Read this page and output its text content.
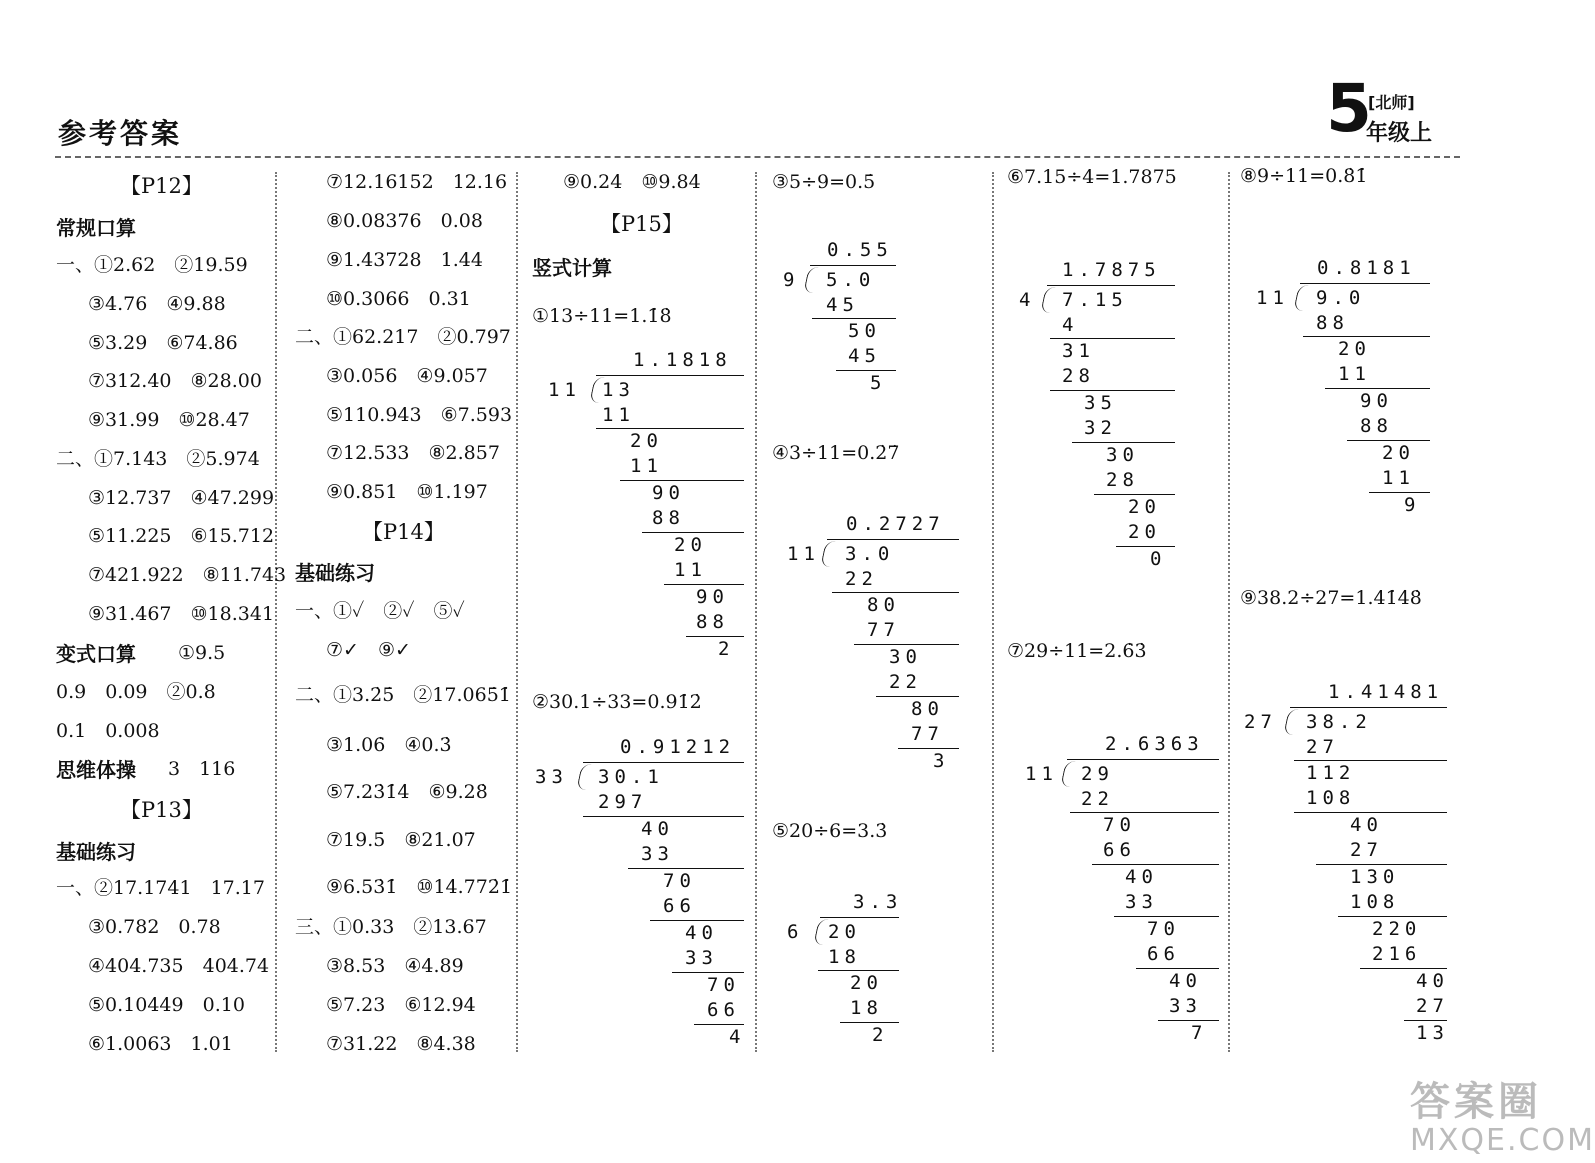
参考答案	5
[北师]
年级上
【P12】
常规口算
一、①2.62　②19.59
③4.76　④9.88
⑤3.29　⑥74.86
⑦312.40　⑧28.00
⑨31.99　⑩28.47
二、①7.143　②5.974
③12.737　④47.299
⑤11.225　⑥15.712
⑦421.922　⑧11.743
⑨31.467　⑩18.341
变式口算 ①9.5
0.9　0.09　②0.8
0.1　0.008
思维体操 3　116
【P13】
基础练习
一、②17.1741　17.17
③0.782　0.78
④404.735　404.74
⑤0.10449　0.10
⑥1.0063　1.01
⑦12.16152　12.16
⑧0.08376　0.08
⑨1.43728　1.44
⑩0.3066　0.31
二、①62.217　②0.797
③0.056　④9.057
⑤110.943　⑥7.593
⑦12.533　⑧2.857
⑨0.851　⑩1.197
【P14】
基础练习
一、①✓　②✓　⑤✓
⑦✓　⑨✓
二、①3.2̇5̇　②17.065̇1̇
③1.06̇　④0.3̇
⑤7.23̇1̇4̇　⑥9.28̇
⑦19.5̇　⑧21.07̇
⑨6.53̇1̇　⑩14.772̇1̇
三、①0.33　②13.67
③8.53　④4.89
⑤7.23　⑥12.94
⑦31.22　⑧4.38
⑨0.24　⑩9.84
【P15】
竖式计算
①13÷11=1.1̇8̇
1.1818
11 13
11
20
11
90
88
20
11
90
88
2
②30.1÷33=0.91̇2̇
0.91212
33 30.1
297
40
33
70
66
40
33
70
66
4
③5÷9=0.5̇
0.55
9 5.0
45
50
45
5
④3÷11=0.2̇7̇
0.2727
11 3.0
22
80
77
30
22
80
77
3
⑤20÷6=3.3̇
3.3
6 20
18
20
18
2
⑥7.15÷4=1.7875
1.7875
4 7.15
4
31
28
35
32
30
28
20
20
0
⑦29÷11=2.6̇3̇
2.6363
11 29
22
70
66
40
33
70
66
40
33
7
⑧9÷11=0.8̇1̇
0.8181
11 9.0
88
20
11
90
88
20
11
9
⑨38.2÷27=1.41̇4̇8̇
1.41481
27 38.2
27
112
108
40
27
130
108
220
216
40
27
13
答案圈
MXQE.COM
